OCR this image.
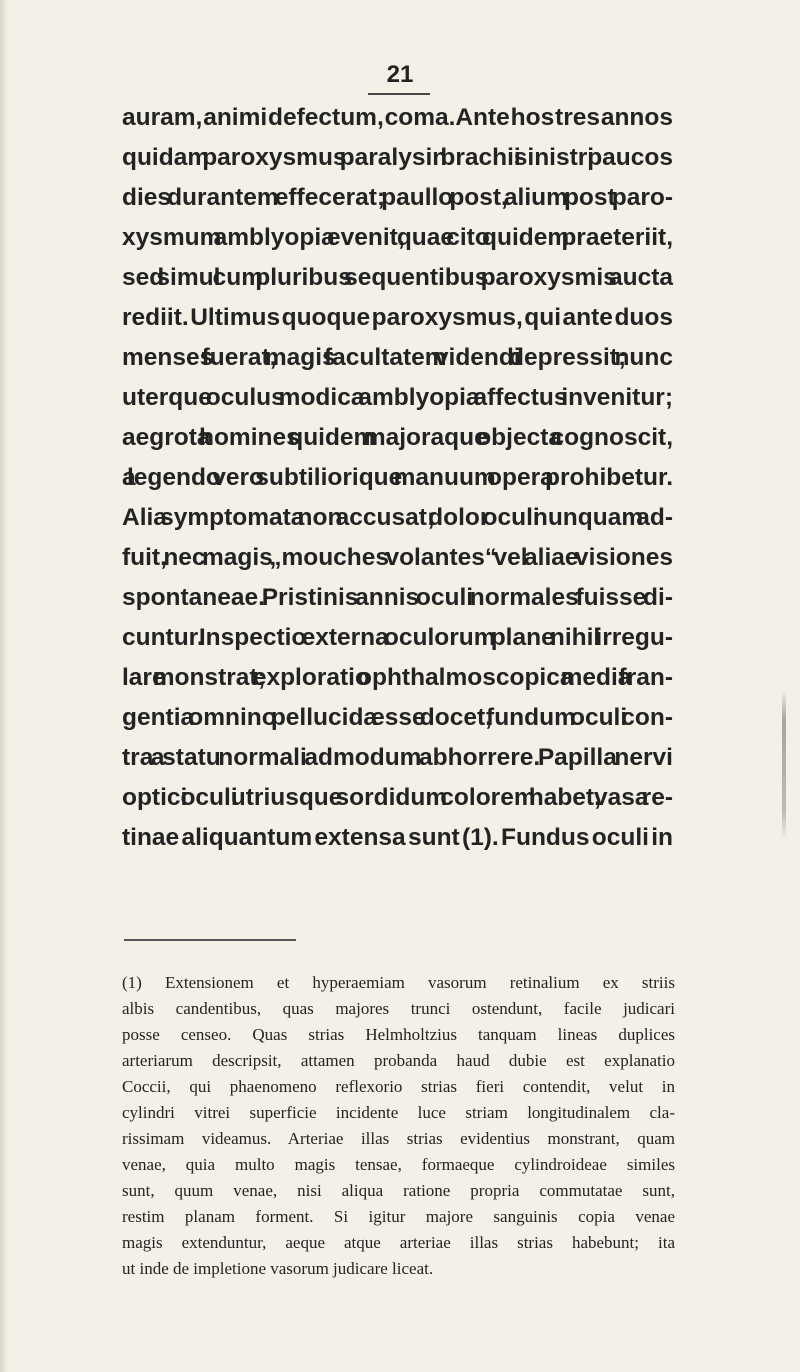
21
auram, animi defectum, coma. Ante hos tres annos
quidam paroxysmus paralysin brachii sinistri paucos
dies durantem effecerat; paullo post, alium post paro-
xysmum amblyopia evenit, quae cito quidem praeteriit,
sed simul cum pluribus sequentibus paroxysmis aucta
rediit. Ultimus quoque paroxysmus, qui ante duos
menses fuerat, magis facultatem videndi depressit; nunc
uterque oculus modica amblyopia affectus invenitur;
aegrota homines quidem majoraque objecta cognoscit,
a legendo vero subtiliorique manuum opera prohibetur.
Alia symptomata non accusat; dolor oculi nunquam ad-
fuit, nec magis „mouches volantes“ vel aliae visiones
spontaneae. Pristinis annis oculi normales fuisse di-
cuntur. Inspectio externa oculorum plane nihil irregu-
lare monstrat; exploratio ophthalmoscopica media fran-
gentia omnino pellucida esse docet, fundum oculi con-
tra a statu normali admodum abhorrere. Papilla nervi
optici oculi utriusque sordidum colorem habet, vasa re-
tinae aliquantum extensa sunt (1). Fundus oculi in
(1) Extensionem et hyperaemiam vasorum retinalium ex striis
albis candentibus, quas majores trunci ostendunt, facile judicari
posse censeo. Quas strias Helmholtzius tanquam lineas duplices
arteriarum descripsit, attamen probanda haud dubie est explanatio
Coccii, qui phaenomeno reflexorio strias fieri contendit, velut in
cylindri vitrei superficie incidente luce striam longitudinalem cla-
rissimam videamus. Arteriae illas strias evidentius monstrant, quam
venae, quia multo magis tensae, formaeque cylindroideae similes
sunt, quum venae, nisi aliqua ratione propria commutatae sunt,
restim planam forment. Si igitur majore sanguinis copia venae
magis extenduntur, aeque atque arteriae illas strias habebunt; ita
ut inde de impletione vasorum judicare liceat.
